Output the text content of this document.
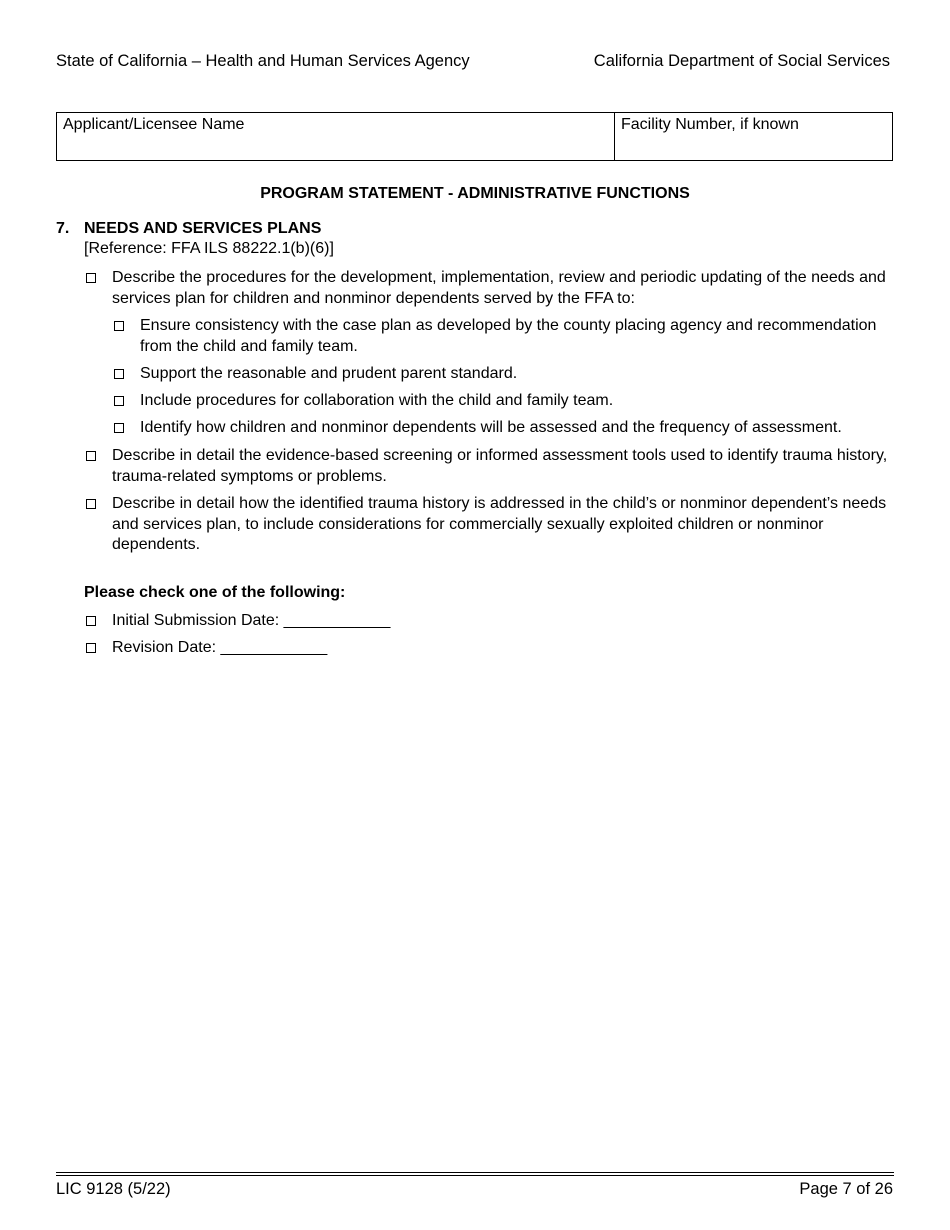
State of California – Health and Human Services Agency	California Department of Social Services
Applicant/Licensee Name	Facility Number, if known
PROGRAM STATEMENT - ADMINISTRATIVE FUNCTIONS
7. NEEDS AND SERVICES PLANS
[Reference: FFA ILS 88222.1(b)(6)]
Describe the procedures for the development, implementation, review and periodic updating of the needs and services plan for children and nonminor dependents served by the FFA to:
Ensure consistency with the case plan as developed by the county placing agency and recommendation from the child and family team.
Support the reasonable and prudent parent standard.
Include procedures for collaboration with the child and family team.
Identify how children and nonminor dependents will be assessed and the frequency of assessment.
Describe in detail the evidence-based screening or informed assessment tools used to identify trauma history, trauma-related symptoms or problems.
Describe in detail how the identified trauma history is addressed in the child’s or nonminor dependent’s needs and services plan, to include considerations for commercially sexually exploited children or nonminor dependents.
Please check one of the following:
Initial Submission Date: ____________
Revision Date: ____________
LIC 9128 (5/22)	Page 7 of 26
